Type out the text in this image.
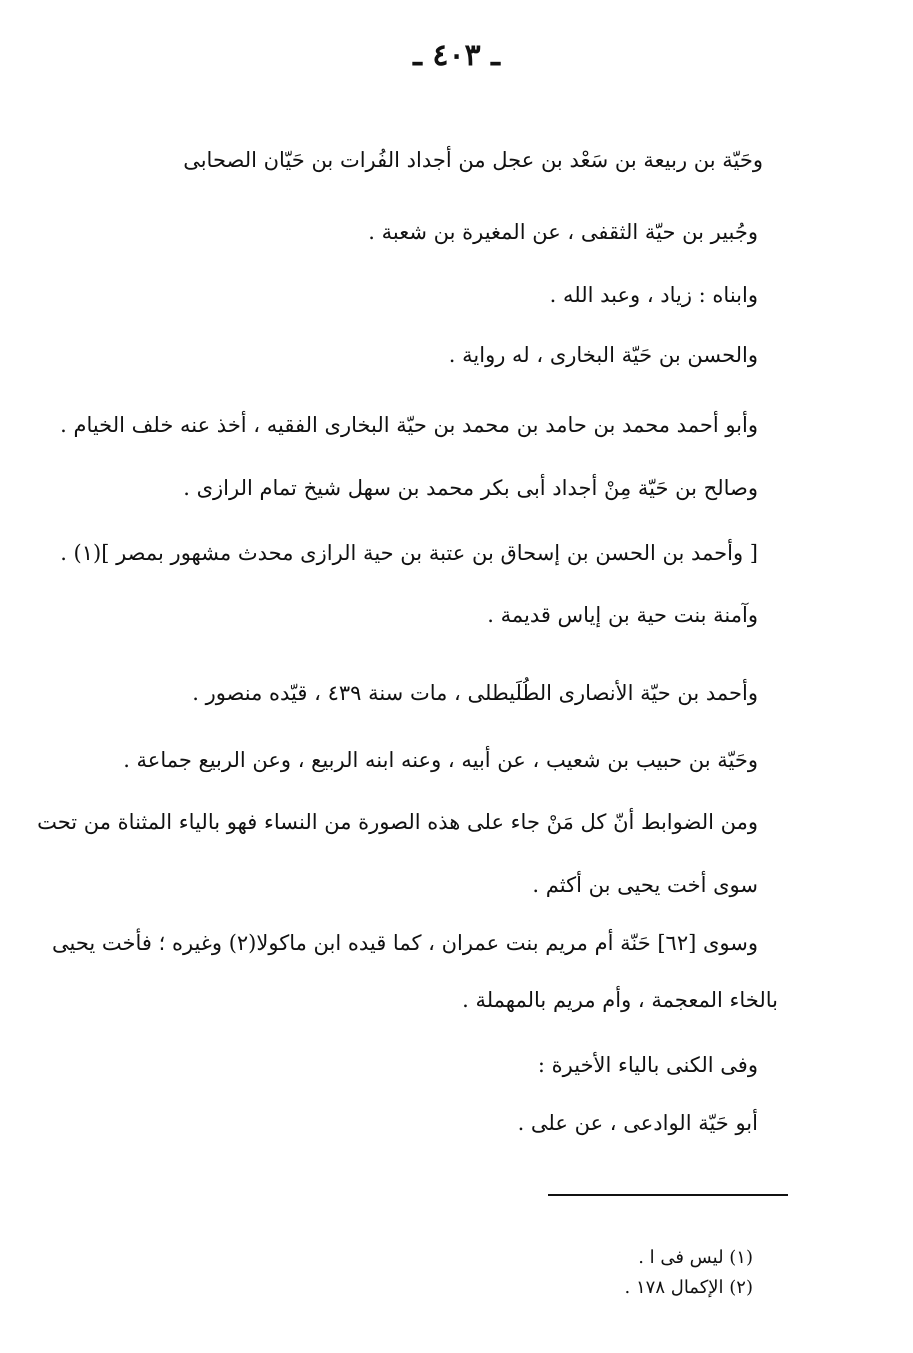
ـ ٤٠٣ ـ
وحَيّة بن ربيعة بن سَعْد بن عجل من أجداد الفُرات بن حَيّان الصحابى
وجُبير بن حيّة الثقفى ، عن المغيرة بن شعبة .
وابناه : زياد ، وعبد الله .
والحسن بن حَيّة البخارى ، له رواية .
وأبو أحمد محمد بن حامد بن محمد بن حيّة البخارى الفقيه ، أخذ عنه خلف الخيام .
وصالح بن حَيّة مِنْ أجداد أبى بكر محمد بن سهل شيخ تمام الرازى .
[ وأحمد بن الحسن بن إسحاق بن عتبة بن حية الرازى محدث مشهور بمصر ](١) .
وآمنة بنت حية بن إياس قديمة .
وأحمد بن حيّة الأنصارى الطُلَيطلى ، مات سنة ٤٣٩ ، قيّده منصور .
وحَيّة بن حبيب بن شعيب ، عن أبيه ، وعنه ابنه الربيع ، وعن الربيع جماعة .
ومن الضوابط أنّ كل مَنْ جاء على هذه الصورة من النساء فهو بالياء المثناة من تحت
سوى أخت يحيى بن أكثم .
وسوى [٦٢] حَنّة أم مريم بنت عمران ، كما قيده ابن ماكولا(٢) وغيره ؛ فأخت يحيى
بالخاء المعجمة ، وأم مريم بالمهملة .
وفى الكنى بالياء الأخيرة :
أبو حَيّة الوادعى ، عن على .
(١) ليس فى ا .
(٢) الإكمال ١٧٨ .
